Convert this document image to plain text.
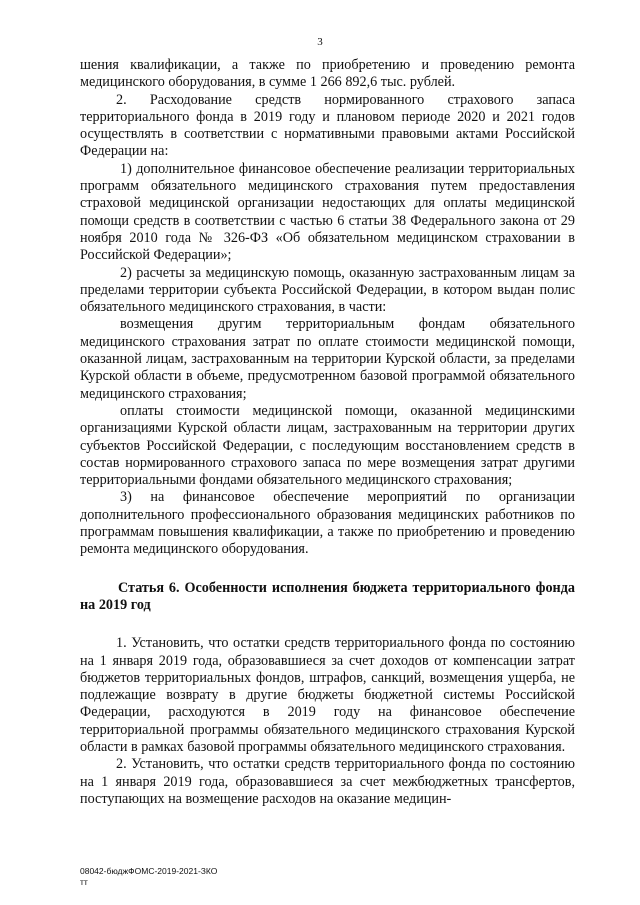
3

шения квалификации, а также по приобретению и проведению ремонта медицинского оборудования, в сумме 1 266 892,6 тыс. рублей.

2. Расходование средств нормированного страхового запаса территориального фонда в 2019 году и плановом периоде 2020 и 2021 годов осуществлять в соответствии с нормативными правовыми актами Российской Федерации на:

1) дополнительное финансовое обеспечение реализации территориальных программ обязательного медицинского страхования путем предоставления страховой медицинской организации недостающих для оплаты медицинской помощи средств в соответствии с частью 6 статьи 38 Федерального закона от 29 ноября 2010 года № 326-ФЗ «Об обязательном медицинском страховании в Российской Федерации»;

2) расчеты за медицинскую помощь, оказанную застрахованным лицам за пределами территории субъекта Российской Федерации, в котором выдан полис обязательного медицинского страхования, в части:

возмещения другим территориальным фондам обязательного медицинского страхования затрат по оплате стоимости медицинской помощи, оказанной лицам, застрахованным на территории Курской области, за пределами Курской области в объеме, предусмотренном базовой программой обязательного медицинского страхования;

оплаты стоимости медицинской помощи, оказанной медицинскими организациями Курской области лицам, застрахованным на территории других субъектов Российской Федерации, с последующим восстановлением средств в состав нормированного страхового запаса по мере возмещения затрат другими территориальными фондами обязательного медицинского страхования;

3) на финансовое обеспечение мероприятий по организации дополнительного профессионального образования медицинских работников по программам повышения квалификации, а также по приобретению и проведению ремонта медицинского оборудования.

Статья 6. Особенности исполнения бюджета территориального фонда на 2019 год

1. Установить, что остатки средств территориального фонда по состоянию на 1 января 2019 года, образовавшиеся за счет доходов от компенсации затрат бюджетов территориальных фондов, штрафов, санкций, возмещения ущерба, не подлежащие возврату в другие бюджеты бюджетной системы Российской Федерации, расходуются в 2019 году на финансовое обеспечение территориальной программы обязательного медицинского страхования Курской области в рамках базовой программы обязательного медицинского страхования.

2. Установить, что остатки средств территориального фонда по состоянию на 1 января 2019 года, образовавшиеся за счет межбюджетных трансфертов, поступающих на возмещение расходов на оказание медицин-

08042-бюджФОМС-2019-2021-ЗКО
тт
